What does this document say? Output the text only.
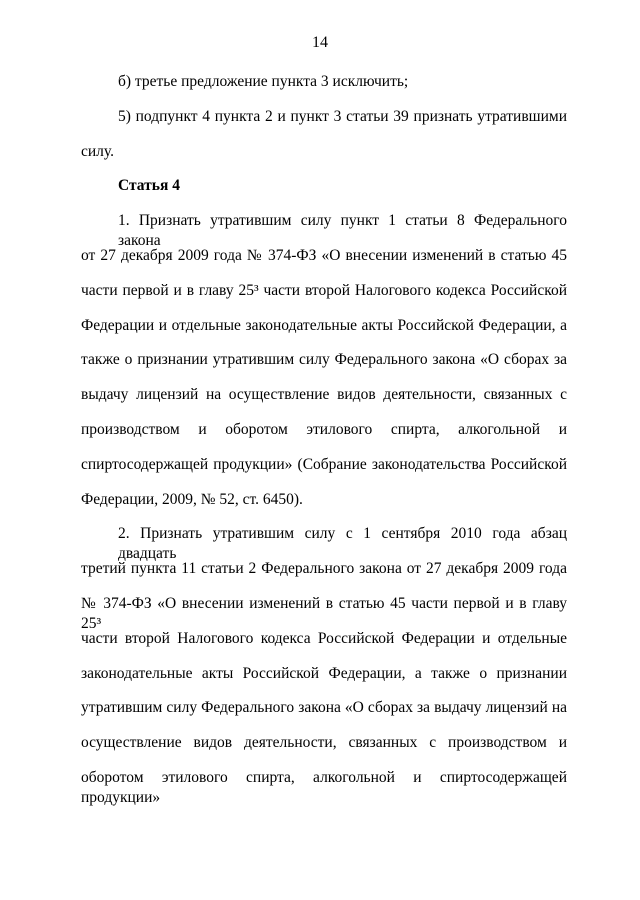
14
б) третье предложение пункта 3 исключить;
5) подпункт 4 пункта 2 и пункт 3 статьи 39 признать утратившими
силу.
Статья 4
1. Признать утратившим силу пункт 1 статьи 8 Федерального закона
от 27 декабря 2009 года № 374-ФЗ «О внесении изменений в статью 45
части первой и в главу 25³ части второй Налогового кодекса Российской
Федерации и отдельные законодательные акты Российской Федерации, а
также о признании утратившим силу Федерального закона «О сборах за
выдачу лицензий на осуществление видов деятельности, связанных с
производством и оборотом этилового спирта, алкогольной и
спиртосодержащей продукции» (Собрание законодательства Российской
Федерации, 2009, № 52, ст. 6450).
2. Признать утратившим силу с 1 сентября 2010 года абзац двадцать
третий пункта 11 статьи 2 Федерального закона от 27 декабря 2009 года
№ 374-ФЗ «О внесении изменений в статью 45 части первой и в главу 25³
части второй Налогового кодекса Российской Федерации и отдельные
законодательные акты Российской Федерации, а также о признании
утратившим силу Федерального закона «О сборах за выдачу лицензий на
осуществление видов деятельности, связанных с производством и
оборотом этилового спирта, алкогольной и спиртосодержащей продукции»
